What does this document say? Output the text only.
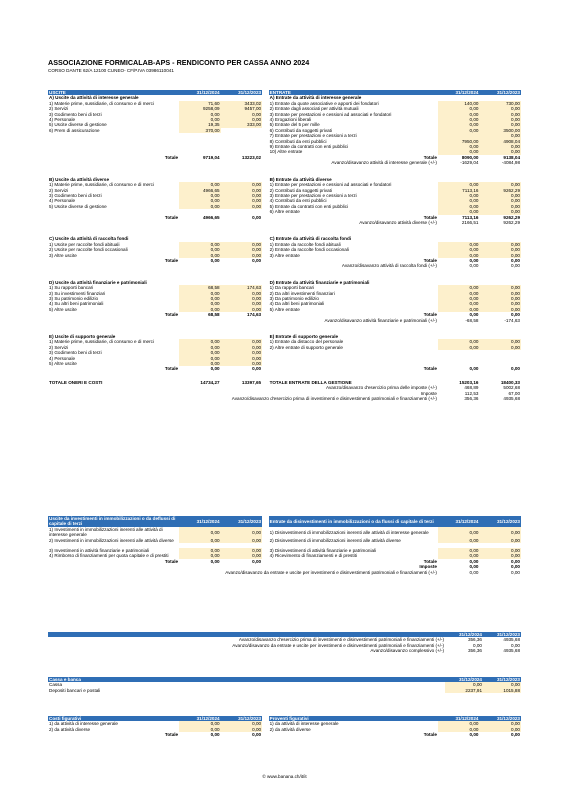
ASSOCIAZIONE FORMICALAB-APS - RENDICONTO PER CASSA ANNO 2024
CORSO DANTE 62/A 12100 CUNEO- CF/P.IVA 03986110041
USCITE	31/12/2024	31/12/2023		ENTRATE	31/12/2024	31/12/2023
A) Uscite da attività di interesse generale				A) Entrate da attività di interesse generale		
1) Materie prime, sussidiarie, di consumo e di merci	71,60	3433,02		1) Entrate da quote associative e apporti dei fondatori	140,00	730,00
2) Servizi	9258,09	9457,00		2) Entrate dagli associati per attività mutuali	0,00	0,00
3) Godimento beni di terzi	0,00	0,00		3) Entrate per prestazioni e cessioni ad associati e fondatori	0,00	0,00
4) Personale	0,00	0,00		4) Erogazioni liberali	0,00	0,00
5) Uscite diverse di gestione	19,35	333,00		5) Entrate del 5 per mille	0,00	0,00
6) Prem di assicurazione	370,00			6) Contributi da soggetti privati	0,00	3500,00
				7) Entrate per prestazioni e cessioni a terzi		0,00
				8) Contributi da enti pubblici	7950,00	4908,04
				9) Entrate da contratti con enti pubblici	0,00	0,00
				10) Altre entrate	0,00	0,00
Totale	9719,04	13223,02		Totale	8090,00	9138,04
				Avanzo/disavanzo attività di interesse generale (+/-)	-1629,04	-4084,98

B) Uscite da attività diverse				B) Entrate da attività diverse		
1) Materie prime, sussidiarie, di consumo e di merci	0,00	0,00		1) Entrate per prestazioni e cessioni ad associati e fondatori	0,00	0,00
2) Servizi	4966,65	0,00		2) Contributi da soggetti privati	7113,16	9262,29
3) Godimento beni di terzi	0,00	0,00		3) Entrate per prestazioni e cessioni a terzi	0,00	0,00
4) Personale	0,00	0,00		4) Contributi da enti pubblici	0,00	0,00
5) Uscite diverse di gestione	0,00	0,00		5) Entrate da contratti con enti pubblici	0,00	0,00
				6) Altre entrate	0,00	0,00
Totale	4966,65	0,00		Totale	7113,16	9262,29
				Avanzo/disavanzo attività diverse (+/-)	2166,51	9262,29

C) Uscite da attività di raccolta fondi				C) Entrate da attività di raccolta fondi		
1) Uscite per raccolte fondi abituali	0,00	0,00		1) Entrate da raccolte fondi abituali	0,00	0,00
2) Uscite per raccolte fondi occasionali	0,00	0,00		2) Entrate da raccolte fondi occasionali	0,00	0,00
3) Altre uscite	0,00	0,00		3) Altre entrate	0,00	0,00
Totale	0,00	0,00		Totale	0,00	0,00
				Avanzo/disavanzo attività di raccolta fondi (+/-)	0,00	0,00

D) Uscite da attività finanziarie e patrimoniali				D) Entrate da attività finanziarie e patrimoniali		
1) Su rapporti bancari	68,58	174,63		1) Da rapporti bancari	0,00	0,00
2) Su investimenti finanziari	0,00	0,00		2) Da altri investimenti finanziari	0,00	0,00
3) Su patrimonio edilizio	0,00	0,00		3) Da patrimonio edilizio	0,00	0,00
4) Su altri beni patrimoniali	0,00	0,00		4) Da altri beni patrimoniali	0,00	0,00
5) Altre uscite	0,00	0,00		5) Altre entrate	0,00	0,00
Totale	68,58	174,63		Totale	0,00	0,00
				Avanzo/disavanzo attività finanziarie e patrimoniali (+/-)	-68,58	-174,63

E) Uscite di supporto generale				E) Entrate di supporto generale		
1) Materie prime, sussidiarie, di consumo e di merci	0,00	0,00		1) Entrate da distacco del personale	0,00	0,00
2) Servizi	0,00	0,00		2) Altre entrate di supporto generale	0,00	0,00
3) Godimento beni di terzi	0,00	0,00				
4) Personale	0,00	0,00				
5) Altre uscite	0,00	0,00				
Totale	0,00	0,00		Totale	0,00	0,00

TOTALE ONERI E COSTI	14734,27	13397,65		TOTALE ENTRATE DELLA GESTIONE	15203,16	18400,33
Avanzo/disavanzo d'esercizio prima delle imposte (+/-)					468,89	5002,68
Imposte					112,53	67,00
Avanzo/disavanzo d'esercizio prima di investimenti e disinvestimenti patrimoniali e finanziamenti (+/-)					356,36	4935,68
Uscite da investimenti in immobilizzazioni o da deflussi di capitale di terzi	31/12/2024	31/12/2023		Entrate da disinvestimenti in immobilizzazioni o da flussi di capitale di terzi	31/12/2024	31/12/2023
1) Investimenti in immobilizzazioni inerenti alle attività di interesse generale	0,00	0,00		1) Disinvestimenti di immobilizzazioni inerenti alle attività di interesse generale	0,00	0,00
2) Investimenti in immobilizzazioni inerenti alle attività diverse	0,00	0,00		2) Disinvestimenti di immobilizzazioni inerenti alle attività diverse	0,00	0,00

3) Investimenti in attività finanziarie e patrimoniali	0,00	0,00		3) Disinvestimenti di attività finanziarie e patrimoniali	0,00	0,00
4) Rimborso di finanziamenti per quota capitale e di prestiti	0,00	0,00		4) Ricevimento di finanziamenti e di prestiti	0,00	0,00
Totale	0,00	0,00		Totale	0,00	0,00
				Imposte	0,00	0,00
Avanzo/disavanzo da entrate e uscite per investimenti e disinvestimenti patrimoniali e finanziamenti (+/-)					0,00	0,00
	31/12/2024	31/12/2023
Avanzo/disavanzo d'esercizio prima di investimenti e disinvestimenti patrimoniali e finanziamenti (+/-)	356,36	4935,68
Avanzo/disavanzo da entrate e uscite per investimenti e disinvestimenti patrimoniali e finanziamenti (+/-)	0,00	0,00
Avanzo/disavanzo complessivo (+/-)	356,36	4935,68
Cassa e banca	31/12/2024	31/12/2023
Cassa	0,00	0,00
Depositi bancari e postali	2237,91	1015,88
Costi figurativi	31/12/2024	31/12/2023		Proventi figurativi	31/12/2024	31/12/2023
1) da attività di interesse generale	0,00	0,00		1) da attività di interesse generale	0,00	0,00
2) da attività diverse	0,00	0,00		2) da attività diverse	0,00	0,00
Totale	0,00	0,00		Totale	0,00	0,00
© www.banana.ch/it/it
